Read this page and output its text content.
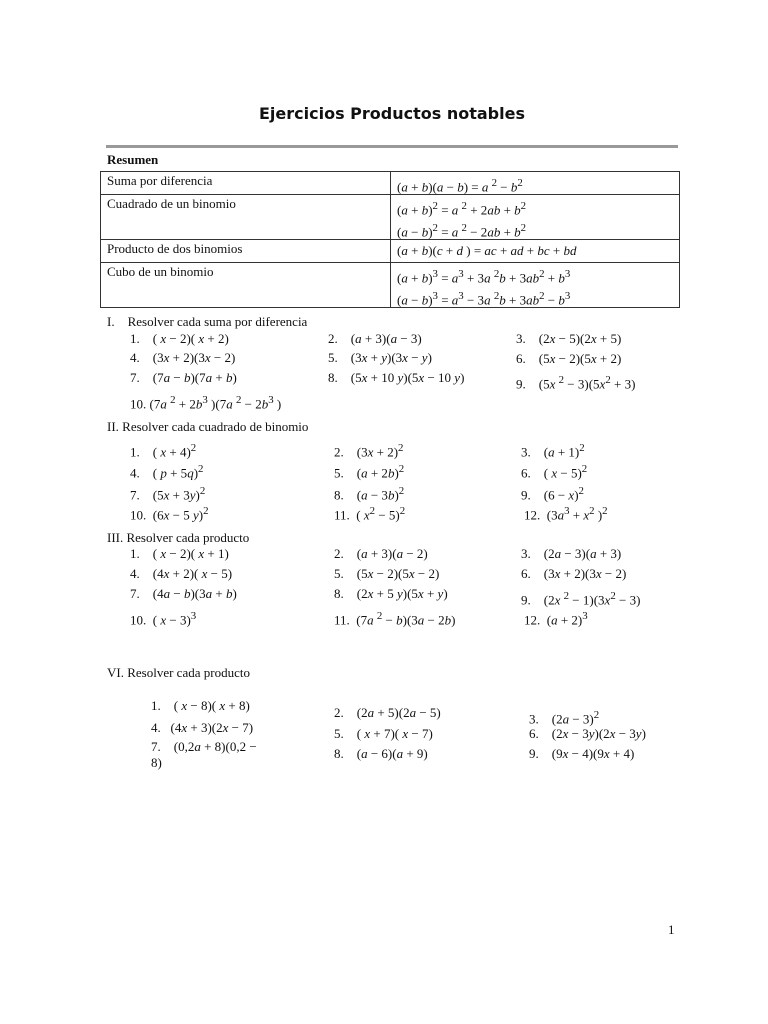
Ejercicios Productos notables
Resumen
Suma por diferencia	(a + b)(a − b) = a $^2 - b^2$

Cuadrado de un binomio	$(a + b)^2 = a$ $^2 + 2ab + b^2$
$(a - b)^2 = a$ $^2 - 2ab + b^2$

Producto de dos binomios	(a + b)(c + d ) = ac + ad + bc + bd

Cubo de un binomio	$(a + b)^3 = a^3 + 3a$ $^2b + 3ab^2 + b^3$
$(a - b)^3 = a^3 - 3a$ $^2b + 3ab^2 - b^3$
I.    Resolver cada suma por diferencia
1.    ( x − 2)( x + 2)	2.    (a + 3)(a − 3)	3.    (2x − 5)(2x + 5)
4.    (3x + 2)(3x − 2)	5.    (3x + y)(3x − y)	6.    (5x − 2)(5x + 2)
7.    (7a − b)(7a + b)	8.    (5x + 10 y)(5x − 10 y)	9.    (5x $^2 - 3)(5x^2 + 3)$
10. (7a $^2 + 2b^3$ )(7a $^2 - 2b^3$ )
II. Resolver cada cuadrado de binomio
1.    ( x + 4)$^2$	2.    $(3x + 2)^2$	3.    $(a + 1)^2$
4.    ( p + 5q)$^2$	5.    $(a + 2b)^2$	6.    ( x − 5)$^2$
7.    $(5x + 3y)^2$	8.    $(a - 3b)^2$	9.    $(6 - x)^2$
10.  (6x − 5 y)$^2$	11.  ( $x^2 - 5)^2$	12.  ($3a^3 + x^2$ )$^2$
III. Resolver cada producto
1.    ( x − 2)( x + 1)	2.    (a + 3)(a − 2)	3.    (2a − 3)(a + 3)
4.    (4x + 2)( x − 5)	5.    (5x − 2)(5x − 2)	6.    (3x + 2)(3x − 2)
7.    (4a − b)(3a + b)	8.    (2x + 5 y)(5x + y)	9.    (2x $^2 - 1)(3x^2 - 3)$
10.  ( x − 3)$^3$	11.  (7a $^2$ − b)(3a − 2b)	12.  $(a + 2)^3$
VI. Resolver cada producto
1.    ( x − 8)( x + 8)	2.    (2a + 5)(2a − 5)	3.    $(2a - 3)^2$
4.   (4x + 3)(2x − 7)	5.    ( x + 7)( x − 7)	6.    (2x − 3y)(2x − 3y)
7.    (0,2a + 8)(0,2 −
8)
8.    (a − 6)(a + 9)	9.    (9x − 4)(9x + 4)
1
